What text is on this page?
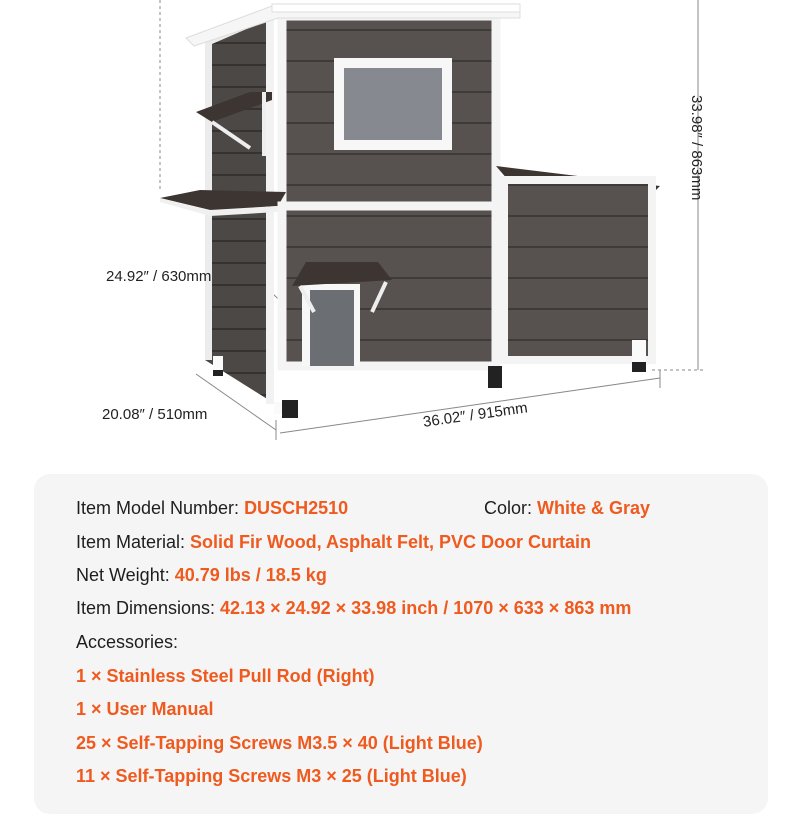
33.98″ / 863mm
24.92″ / 630mm
20.08″ / 510mm	36.02″ / 915mm
Item Model Number: DUSCH2510	Color: White & Gray
Item Material: Solid Fir Wood, Asphalt Felt, PVC Door Curtain
Net Weight: 40.79 lbs / 18.5 kg
Item Dimensions: 42.13 × 24.92 × 33.98 inch / 1070 × 633 × 863 mm
Accessories:
1 × Stainless Steel Pull Rod (Right)
1 × User Manual
25 × Self-Tapping Screws M3.5 × 40 (Light Blue)
11 × Self-Tapping Screws M3 × 25 (Light Blue)
